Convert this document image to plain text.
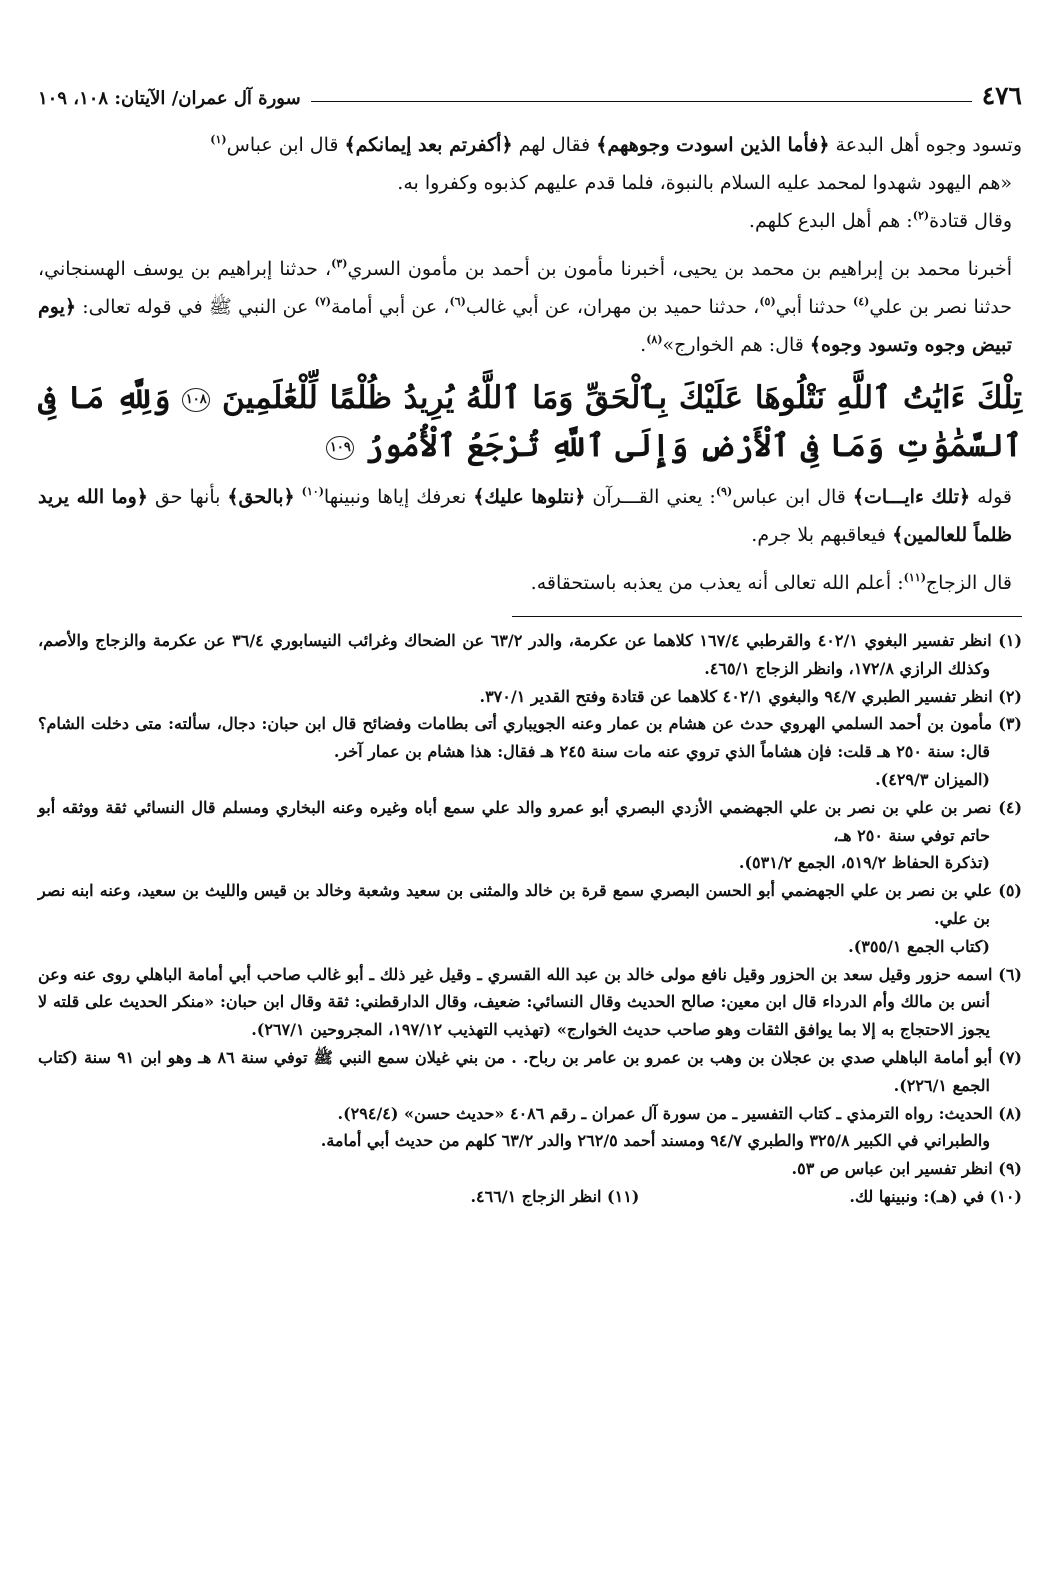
٤٧٦
سورة آل عمران/ الآيتان: ١٠٨، ١٠٩

وتسود وجوه أهل البدعة ﴿فأما الذين اسودت وجوههم﴾ فقال لهم ﴿أكفرتم بعد إيمانكم﴾ قال ابن عباس$^{(١)}$

«هم اليهود شهدوا لمحمد عليه السلام بالنبوة، فلما قدم عليهم كذبوه وكفروا به.

وقال قتادة$^{(٢)}$: هم أهل البدع كلهم.

أخبرنا محمد بن إبراهيم بن محمد بن يحيى، أخبرنا مأمون بن أحمد بن مأمون السري$^{(٣)}$، حدثنا إبراهيم بن يوسف الهسنجاني، حدثنا نصر بن علي$^{(٤)}$ حدثنا أبي$^{(٥)}$، حدثنا حميد بن مهران، عن أبي غالب$^{(٦)}$، عن أبي أمامة$^{(٧)}$ عن النبي ﷺ في قوله تعالى: ﴿يوم تبيض وجوه وتسود وجوه﴾ قال: هم الخوارج»$^{(٨)}$.

تِلْكَ ءَايَٰتُ ٱللَّهِ نَتْلُوهَا عَلَيْكَ بِٱلْحَقِّ وَمَا ٱللَّهُ يُرِيدُ ظُلْمًا لِّلْعَٰلَمِينَ ١٠٨ وَلِلَّهِ مَا فِى ٱلسَّمَٰوَٰتِ وَمَا فِى ٱلْأَرْضِ وَإِلَى ٱللَّهِ تُرْجَعُ ٱلْأُمُورُ ١٠٩

قوله ﴿تلك ءايـــات﴾ قال ابن عباس$^{(٩)}$: يعني القـــرآن ﴿نتلوها عليك﴾ نعرفك إياها ونبينها$^{(١٠)}$ ﴿بالحق﴾ بأنها حق ﴿وما الله يريد ظلماً للعالمين﴾ فيعاقبهم بلا جرم.

قال الزجاج$^{(١١)}$: أعلم الله تعالى أنه يعذب من يعذبه باستحقاقه.

(١) انظر تفسير البغوي ٤٠٢/١ والقرطبي ١٦٧/٤ كلاهما عن عكرمة، والدر ٦٣/٢ عن الضحاك وغرائب النيسابوري ٣٦/٤ عن عكرمة والزجاج والأصم، وكذلك الرازي ١٧٢/٨، وانظر الزجاج ٤٦٥/١.

(٢) انظر تفسير الطبري ٩٤/٧ والبغوي ٤٠٢/١ كلاهما عن قتادة وفتح القدير ٣٧٠/١.

(٣) مأمون بن أحمد السلمي الهروي حدث عن هشام بن عمار وعنه الجويباري أتى بطامات وفضائح قال ابن حبان: دجال، سألته: متى دخلت الشام؟ قال: سنة ٢٥٠ هـ قلت: فإن هشاماً الذي تروي عنه مات سنة ٢٤٥ هـ فقال: هذا هشام بن عمار آخر.

(الميزان ٤٢٩/٣).

(٤) نصر بن علي بن نصر بن علي الجهضمي الأزدي البصري أبو عمرو والد علي سمع أباه وغيره وعنه البخاري ومسلم قال النسائي ثقة ووثقه أبو حاتم توفي سنة ٢٥٠ هـ،

(تذكرة الحفاظ ٥١٩/٢، الجمع ٥٣١/٢).

(٥) علي بن نصر بن علي الجهضمي أبو الحسن البصري سمع قرة بن خالد والمثنى بن سعيد وشعبة وخالد بن قيس والليث بن سعيد، وعنه ابنه نصر بن علي.

(كتاب الجمع ٣٥٥/١).

(٦) اسمه حزور وقيل سعد بن الحزور وقيل نافع مولى خالد بن عبد الله القسري ـ وقيل غير ذلك ـ أبو غالب صاحب أبي أمامة الباهلي روى عنه وعن أنس بن مالك وأم الدرداء قال ابن معين: صالح الحديث وقال النسائي: ضعيف، وقال الدارقطني: ثقة وقال ابن حبان: «منكر الحديث على قلته لا يجوز الاحتجاج به إلا بما يوافق الثقات وهو صاحب حديث الخوارج» (تهذيب التهذيب ١٩٧/١٢، المجروحين ٢٦٧/١).

(٧) أبو أمامة الباهلي صدي بن عجلان بن وهب بن عمرو بن عامر بن رباح. . من بني غيلان سمع النبي ﷺ توفي سنة ٨٦ هـ وهو ابن ٩١ سنة (كتاب الجمع ٢٢٦/١).

(٨) الحديث: رواه الترمذي ـ كتاب التفسير ـ من سورة آل عمران ـ رقم ٤٠٨٦ «حديث حسن» (٢٩٤/٤).

والطبراني في الكبير ٣٢٥/٨ والطبري ٩٤/٧ ومسند أحمد ٢٦٢/٥ والدر ٦٣/٢ كلهم من حديث أبي أمامة.

(٩) انظر تفسير ابن عباس ص ٥٣.

(١٠) في (هـ): ونبينها لك.
(١١) انظر الزجاج ٤٦٦/١.
